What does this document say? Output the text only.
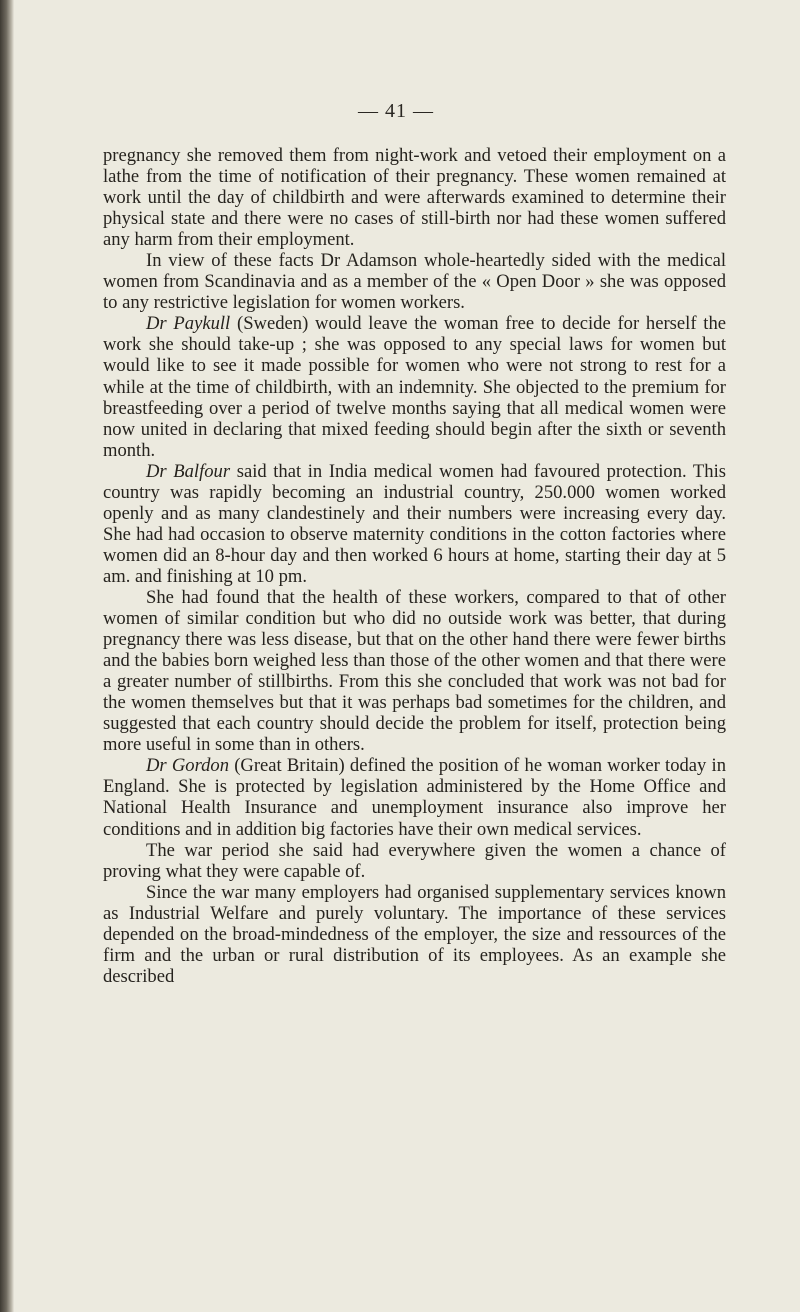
— 41 —

pregnancy she removed them from night-work and vetoed their employment on a lathe from the time of notification of their pregnancy. These women remained at work until the day of childbirth and were afterwards examined to determine their physical state and there were no cases of still-birth nor had these women suffered any harm from their employment.

In view of these facts Dr Adamson whole-heartedly sided with the medical women from Scandinavia and as a member of the « Open Door » she was opposed to any restrictive legislation for women workers.

Dr Paykull (Sweden) would leave the woman free to decide for herself the work she should take-up ; she was opposed to any special laws for women but would like to see it made possible for women who were not strong to rest for a while at the time of childbirth, with an indemnity. She objected to the premium for breastfeeding over a period of twelve months saying that all medical women were now united in declaring that mixed feeding should begin after the sixth or seventh month.

Dr Balfour said that in India medical women had favoured protection. This country was rapidly becoming an industrial country, 250.000 women worked openly and as many clandestinely and their numbers were increasing every day. She had had occasion to observe maternity conditions in the cotton factories where women did an 8-hour day and then worked 6 hours at home, starting their day at 5 am. and finishing at 10 pm.

She had found that the health of these workers, compared to that of other women of similar condition but who did no outside work was better, that during pregnancy there was less disease, but that on the other hand there were fewer births and the babies born weighed less than those of the other women and that there were a greater number of stillbirths. From this she concluded that work was not bad for the women themselves but that it was perhaps bad sometimes for the children, and suggested that each country should decide the problem for itself, protection being more useful in some than in others.

Dr Gordon (Great Britain) defined the position of he woman worker today in England. She is protected by legislation administered by the Home Office and National Health Insurance and unemployment insurance also improve her conditions and in addition big factories have their own medical services.

The war period she said had everywhere given the women a chance of proving what they were capable of.

Since the war many employers had organised supplementary services known as Industrial Welfare and purely voluntary. The importance of these services depended on the broad-mindedness of the employer, the size and ressources of the firm and the urban or rural distribution of its employees. As an example she described
